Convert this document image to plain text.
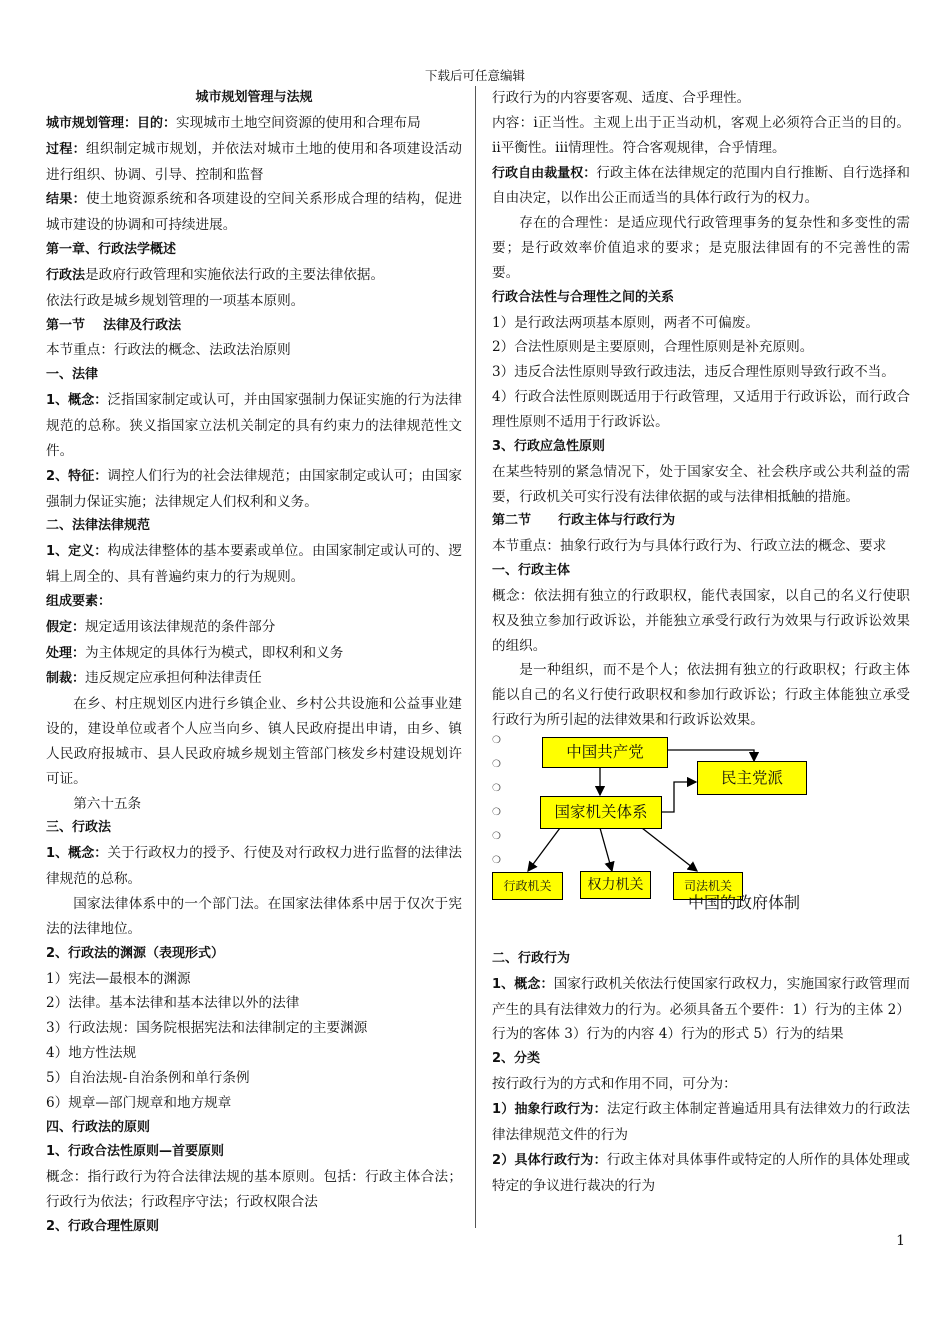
下载后可任意编辑

城市规划管理与法规

城市规划管理：目的：实现城市土地空间资源的使用和合理布局

过程：组织制定城市规划，并依法对城市土地的使用和各项建设活动进行组织、协调、引导、控制和监督

结果：使土地资源系统和各项建设的空间关系形成合理的结构，促进城市建设的协调和可持续进展。

第一章、行政法学概述

行政法是政府行政管理和实施依法行政的主要法律依据。

依法行政是城乡规划管理的一项基本原则。

第一节    法律及行政法

本节重点：行政法的概念、法政法治原则

一、法律

1、概念：泛指国家制定或认可，并由国家强制力保证实施的行为法律规范的总称。狭义指国家立法机关制定的具有约束力的法律规范性文件。

2、特征：调控人们行为的社会法律规范；由国家制定或认可；由国家强制力保证实施；法律规定人们权利和义务。

二、法律法律规范

1、定义：构成法律整体的基本要素或单位。由国家制定或认可的、逻辑上周全的、具有普遍约束力的行为规则。

组成要素：

假定：规定适用该法律规范的条件部分

处理：为主体规定的具体行为模式，即权利和义务

制裁：违反规定应承担何种法律责任

在乡、村庄规划区内进行乡镇企业、乡村公共设施和公益事业建设的，建设单位或者个人应当向乡、镇人民政府提出申请，由乡、镇人民政府报城市、县人民政府城乡规划主管部门核发乡村建设规划许可证。

第六十五条

三、行政法

1、概念：关于行政权力的授予、行使及对行政权力进行监督的法律法律规范的总称。

国家法律体系中的一个部门法。在国家法律体系中居于仅次于宪法的法律地位。

2、行政法的渊源（表现形式）

1）宪法—最根本的渊源

2）法律。基本法律和基本法律以外的法律

3）行政法规：国务院根据宪法和法律制定的主要渊源

4）地方性法规

5）自治法规-自治条例和单行条例

6）规章—部门规章和地方规章

四、行政法的原则

1、行政合法性原则—首要原则

概念：指行政行为符合法律法规的基本原则。包括：行政主体合法；行政行为依法；行政程序守法；行政权限合法

2、行政合理性原则

行政行为的内容要客观、适度、合乎理性。

内容：ⅰ正当性。主观上出于正当动机，客观上必须符合正当的目的。ⅱ平衡性。ⅲ情理性。符合客观规律，合乎情理。

行政自由裁量权：行政主体在法律规定的范围内自行推断、自行选择和自由决定，以作出公正而适当的具体行政行为的权力。

存在的合理性：是适应现代行政管理事务的复杂性和多变性的需要；是行政效率价值追求的要求；是克服法律固有的不完善性的需要。

行政合法性与合理性之间的关系

1）是行政法两项基本原则，两者不可偏废。

2）合法性原则是主要原则，合理性原则是补充原则。

3）违反合法性原则导致行政违法，违反合理性原则导致行政不当。

4）行政合法性原则既适用于行政管理，又适用于行政诉讼，而行政合理性原则不适用于行政诉讼。

3、行政应急性原则

在某些特别的紧急情况下，处于国家安全、社会秩序或公共利益的需要，行政机关可实行没有法律依据的或与法律相抵触的措施。

第二节      行政主体与行政行为

本节重点：抽象行政行为与具体行政行为、行政立法的概念、要求

一、行政主体

概念：依法拥有独立的行政职权，能代表国家，以自己的名义行使职权及独立参加行政诉讼，并能独立承受行政行为效果与行政诉讼效果的组织。

是一种组织，而不是个人；依法拥有独立的行政职权；行政主体能以自己的名义行使行政职权和参加行政诉讼；行政主体能独立承受行政行为所引起的法律效果和行政诉讼效果。

❍
❍
❍
❍
❍
❍
中国共产党
民主党派
国家机关体系
行政机关	权力机关	司法机关
中国的政府体制

二、行政行为

1、概念：国家行政机关依法行使国家行政权力，实施国家行政管理而产生的具有法律效力的行为。必须具备五个要件：1）行为的主体 2）行为的客体 3）行为的内容 4）行为的形式 5）行为的结果

2、分类

按行政行为的方式和作用不同，可分为：

1）抽象行政行为：法定行政主体制定普遍适用具有法律效力的行政法律法律规范文件的行为

2）具体行政行为：行政主体对具体事件或特定的人所作的具体处理或特定的争议进行裁决的行为

1
